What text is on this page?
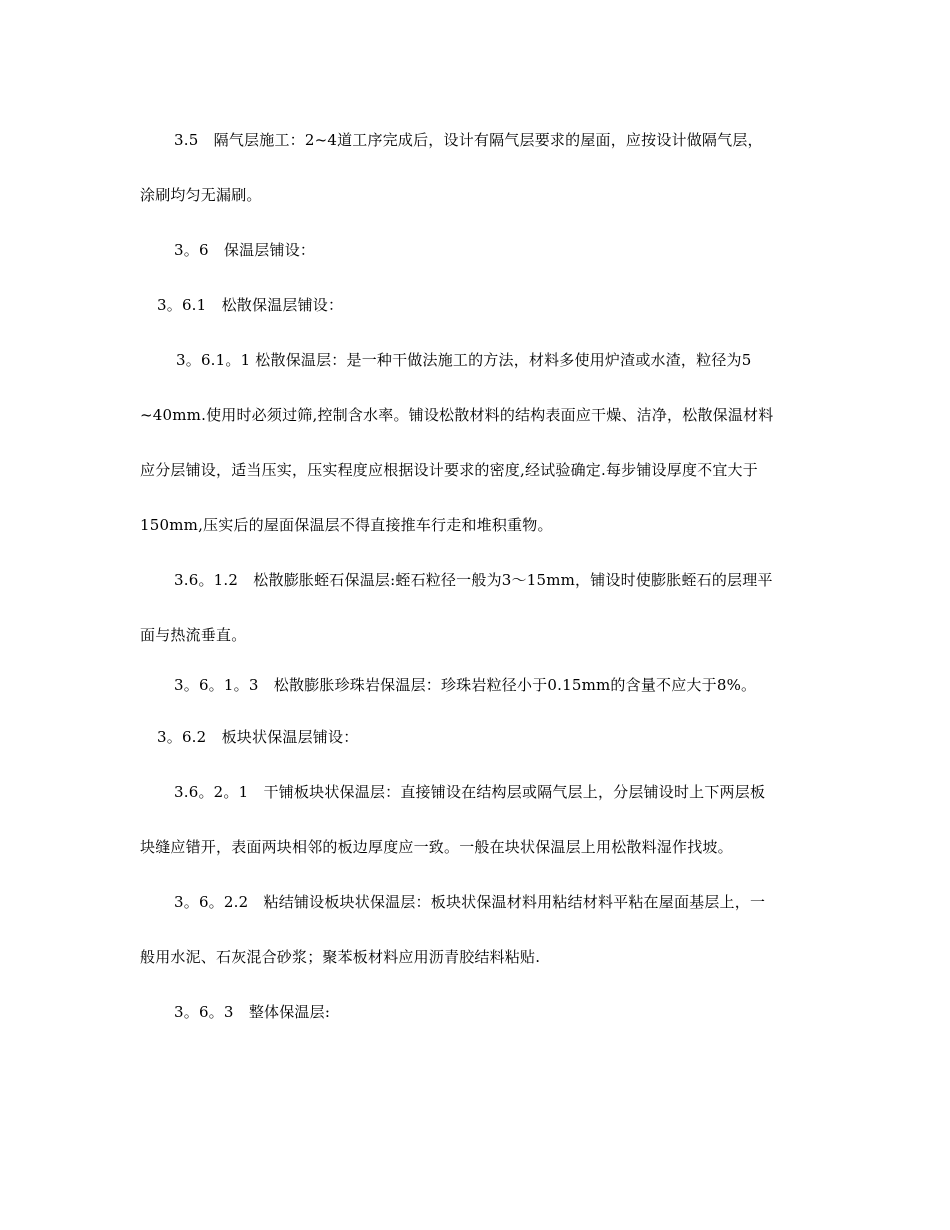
3.5　隔气层施工：2~4道工序完成后，设计有隔气层要求的屋面，应按设计做隔气层，
涂刷均匀无漏刷。
3。6　保温层铺设：
3。6.1　松散保温层铺设：
3。6.1。1 松散保温层：是一种干做法施工的方法，材料多使用炉渣或水渣，粒径为5
~40mm.使用时必须过筛,控制含水率。铺设松散材料的结构表面应干燥、洁净，松散保温材料
应分层铺设，适当压实，压实程度应根据设计要求的密度,经试验确定.每步铺设厚度不宜大于
150mm,压实后的屋面保温层不得直接推车行走和堆积重物。
3.6。1.2　松散膨胀蛭石保温层:蛭石粒径一般为3～15mm，铺设时使膨胀蛭石的层理平
面与热流垂直。
3。6。1。3　松散膨胀珍珠岩保温层：珍珠岩粒径小于0.15mm的含量不应大于8%。
3。6.2　板块状保温层铺设：
3.6。2。1　干铺板块状保温层：直接铺设在结构层或隔气层上，分层铺设时上下两层板
块缝应错开，表面两块相邻的板边厚度应一致。一般在块状保温层上用松散料湿作找坡。
3。6。2.2　粘结铺设板块状保温层：板块状保温材料用粘结材料平粘在屋面基层上，一
般用水泥、石灰混合砂浆；聚苯板材料应用沥青胶结料粘贴.
3。6。3　整体保温层:
